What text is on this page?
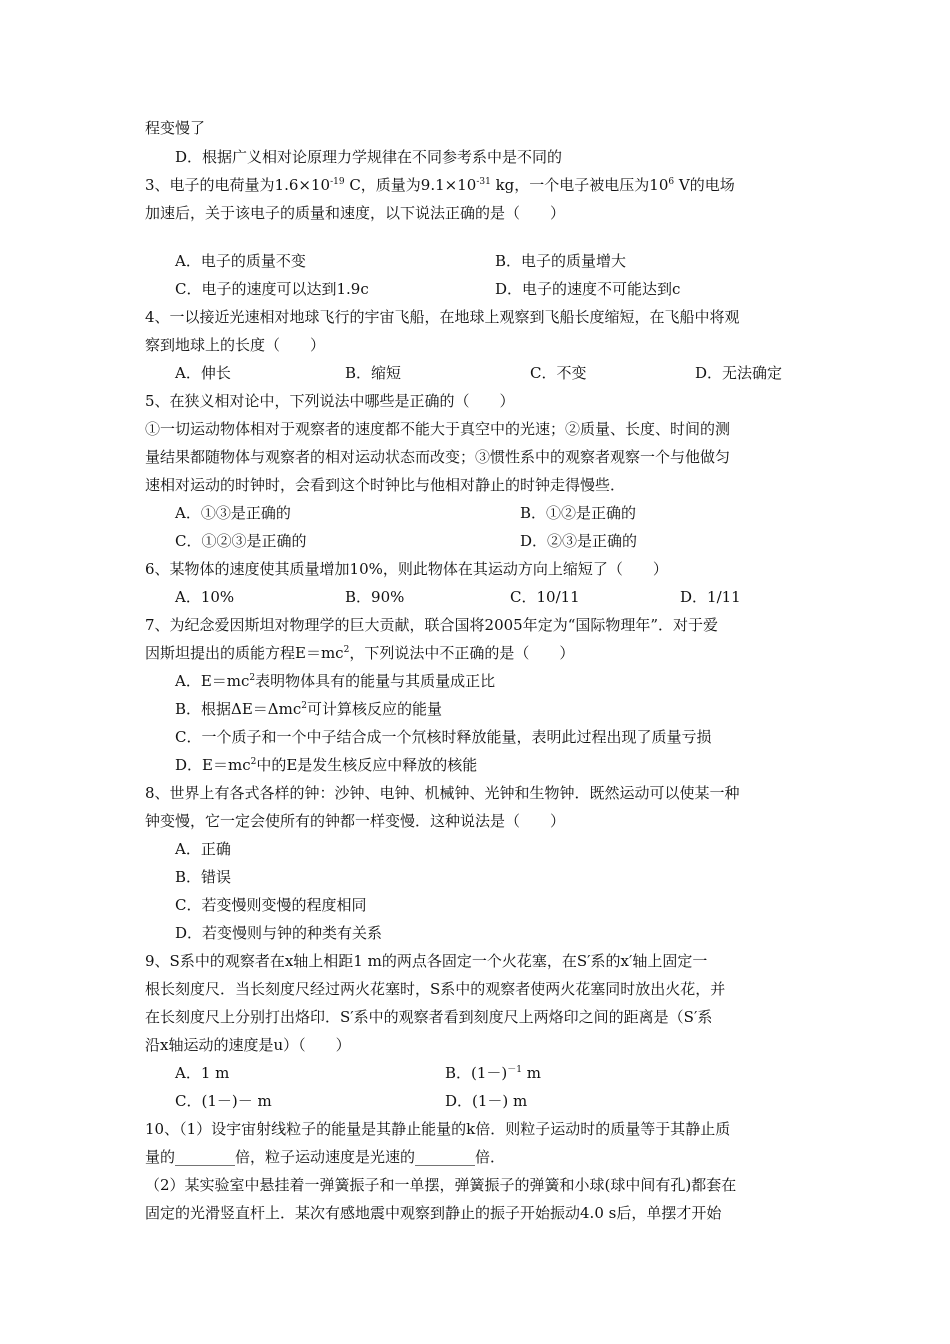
程变慢了
D．根据广义相对论原理力学规律在不同参考系中是不同的
3、电子的电荷量为$1.6\times 10^{-19}$ C，质量为$9.1\times 10^{-31}$ kg，一个电子被电压为$10^6$ V的电场
加速后，关于该电子的质量和速度，以下说法正确的是（　　）
A．电子的质量不变	B．电子的质量增大
C．电子的速度可以达到1.9c	D．电子的速度不可能达到c
4、一以接近光速相对地球飞行的宇宙飞船，在地球上观察到飞船长度缩短，在飞船中将观
察到地球上的长度（　　）
A．伸长	B．缩短	C．不变	D．无法确定
5、在狭义相对论中，下列说法中哪些是正确的（　　）
①一切运动物体相对于观察者的速度都不能大于真空中的光速；②质量、长度、时间的测
量结果都随物体与观察者的相对运动状态而改变；③惯性系中的观察者观察一个与他做匀
速相对运动的时钟时，会看到这个时钟比与他相对静止的时钟走得慢些．
A．①③是正确的	B．①②是正确的
C．①②③是正确的	D．②③是正确的
6、某物体的速度使其质量增加10%，则此物体在其运动方向上缩短了（　　）
A．10%	B．90%	C．10/11	D．1/11
7、为纪念爱因斯坦对物理学的巨大贡献，联合国将2005年定为“国际物理年”．对于爱
因斯坦提出的质能方程$E=mc^2$，下列说法中不正确的是（　　）
A．$E=mc^2$表明物体具有的能量与其质量成正比
B．根据ΔE＝Δmc$^2$可计算核反应的能量
C．一个质子和一个中子结合成一个氘核时释放能量，表明此过程出现了质量亏损
D．$E=mc^2$中的E是发生核反应中释放的核能
8、世界上有各式各样的钟：沙钟、电钟、机械钟、光钟和生物钟．既然运动可以使某一种
钟变慢，它一定会使所有的钟都一样变慢．这种说法是（　　）
A．正确
B．错误
C．若变慢则变慢的程度相同
D．若变慢则与钟的种类有关系
9、S系中的观察者在x轴上相距1 m的两点各固定一个火花塞，在S′系的x′轴上固定一
根长刻度尺．当长刻度尺经过两火花塞时，S系中的观察者使两火花塞同时放出火花，并
在长刻度尺上分别打出烙印．S′系中的观察者看到刻度尺上两烙印之间的距离是（S′系
沿x轴运动的速度是u）（　　）
A．1 m	B．$(1-)^{-1}$ m
C．(1－)－ m	D．(1－) m
10、（1）设宇宙射线粒子的能量是其静止能量的k倍．则粒子运动时的质量等于其静止质
量的________倍，粒子运动速度是光速的________倍．
（2）某实验室中悬挂着一弹簧振子和一单摆，弹簧振子的弹簧和小球(球中间有孔)都套在
固定的光滑竖直杆上．某次有感地震中观察到静止的振子开始振动4.0 s后，单摆才开始
